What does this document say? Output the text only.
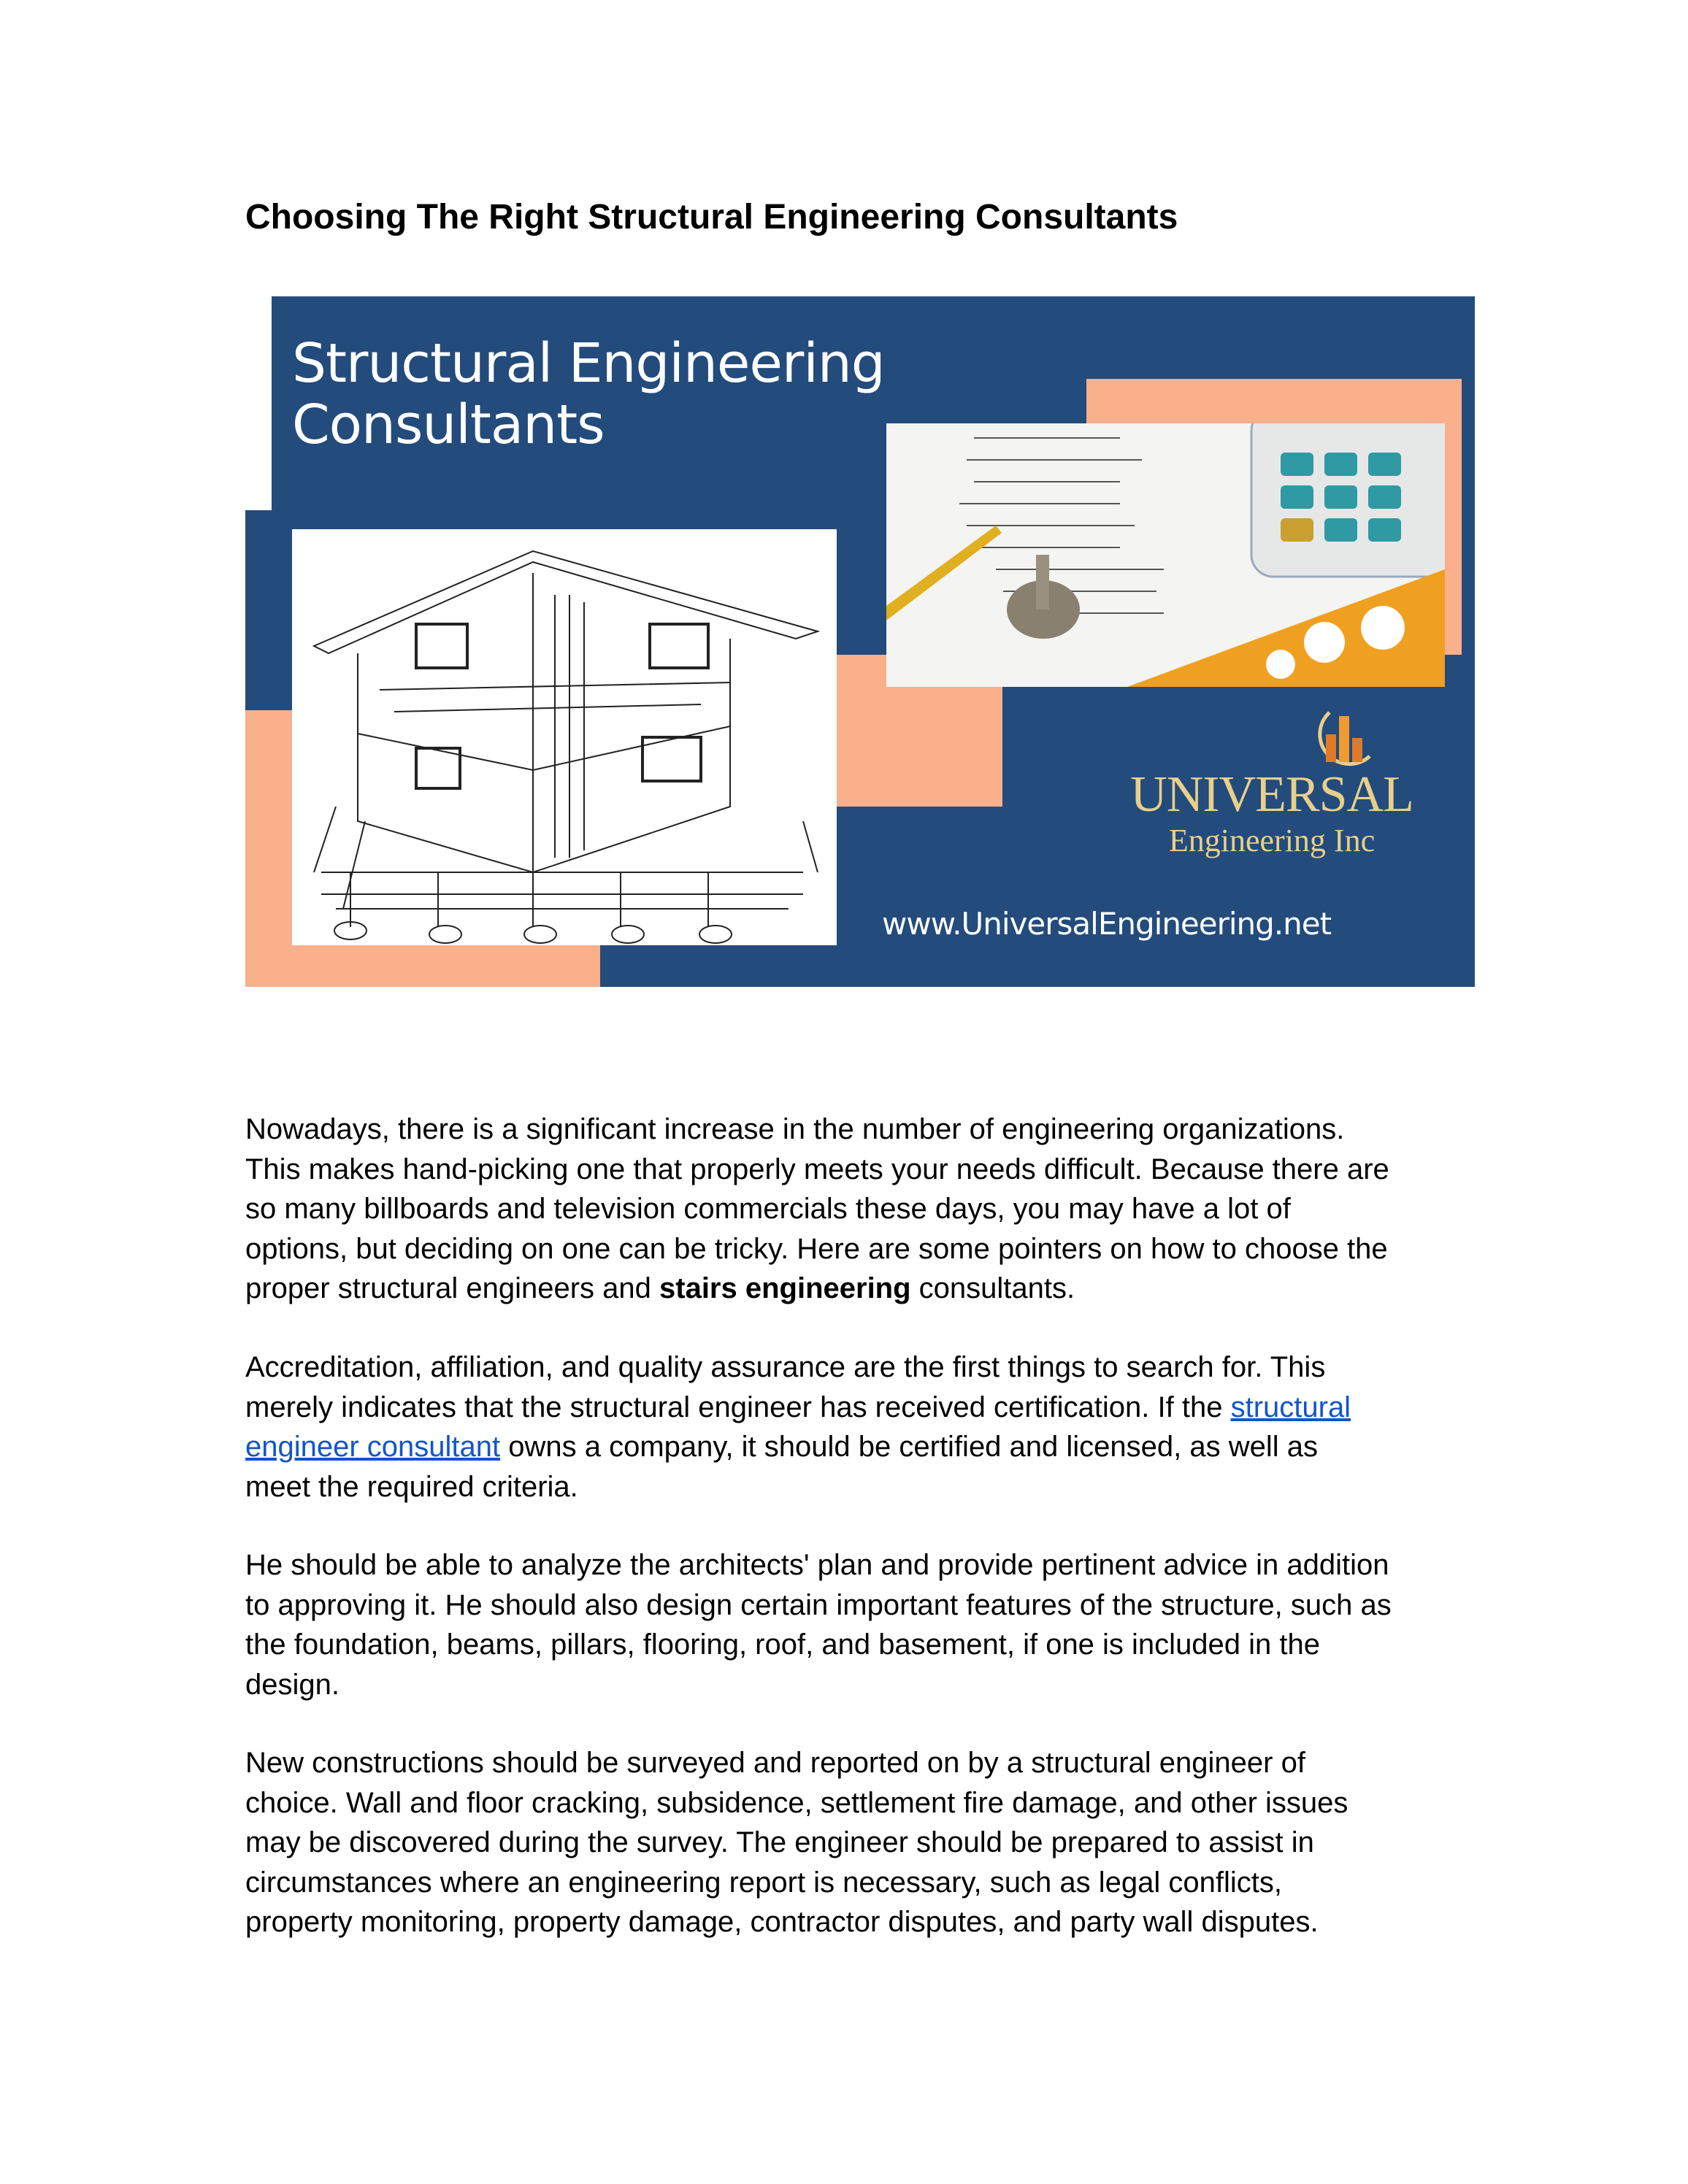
Choosing The Right Structural Engineering Consultants
Structural Engineering
Consultants
UNIVERSAL
Engineering Inc
www.UniversalEngineering.net
Nowadays, there is a significant increase in the number of engineering organizations.
This makes hand-picking one that properly meets your needs difficult. Because there are
so many billboards and television commercials these days, you may have a lot of
options, but deciding on one can be tricky. Here are some pointers on how to choose the
proper structural engineers and stairs engineering consultants.
Accreditation, affiliation, and quality assurance are the first things to search for. This
merely indicates that the structural engineer has received certification. If the structural
engineer consultant owns a company, it should be certified and licensed, as well as
meet the required criteria.
He should be able to analyze the architects' plan and provide pertinent advice in addition
to approving it. He should also design certain important features of the structure, such as
the foundation, beams, pillars, flooring, roof, and basement, if one is included in the
design.
New constructions should be surveyed and reported on by a structural engineer of
choice. Wall and floor cracking, subsidence, settlement fire damage, and other issues
may be discovered during the survey. The engineer should be prepared to assist in
circumstances where an engineering report is necessary, such as legal conflicts,
property monitoring, property damage, contractor disputes, and party wall disputes.
